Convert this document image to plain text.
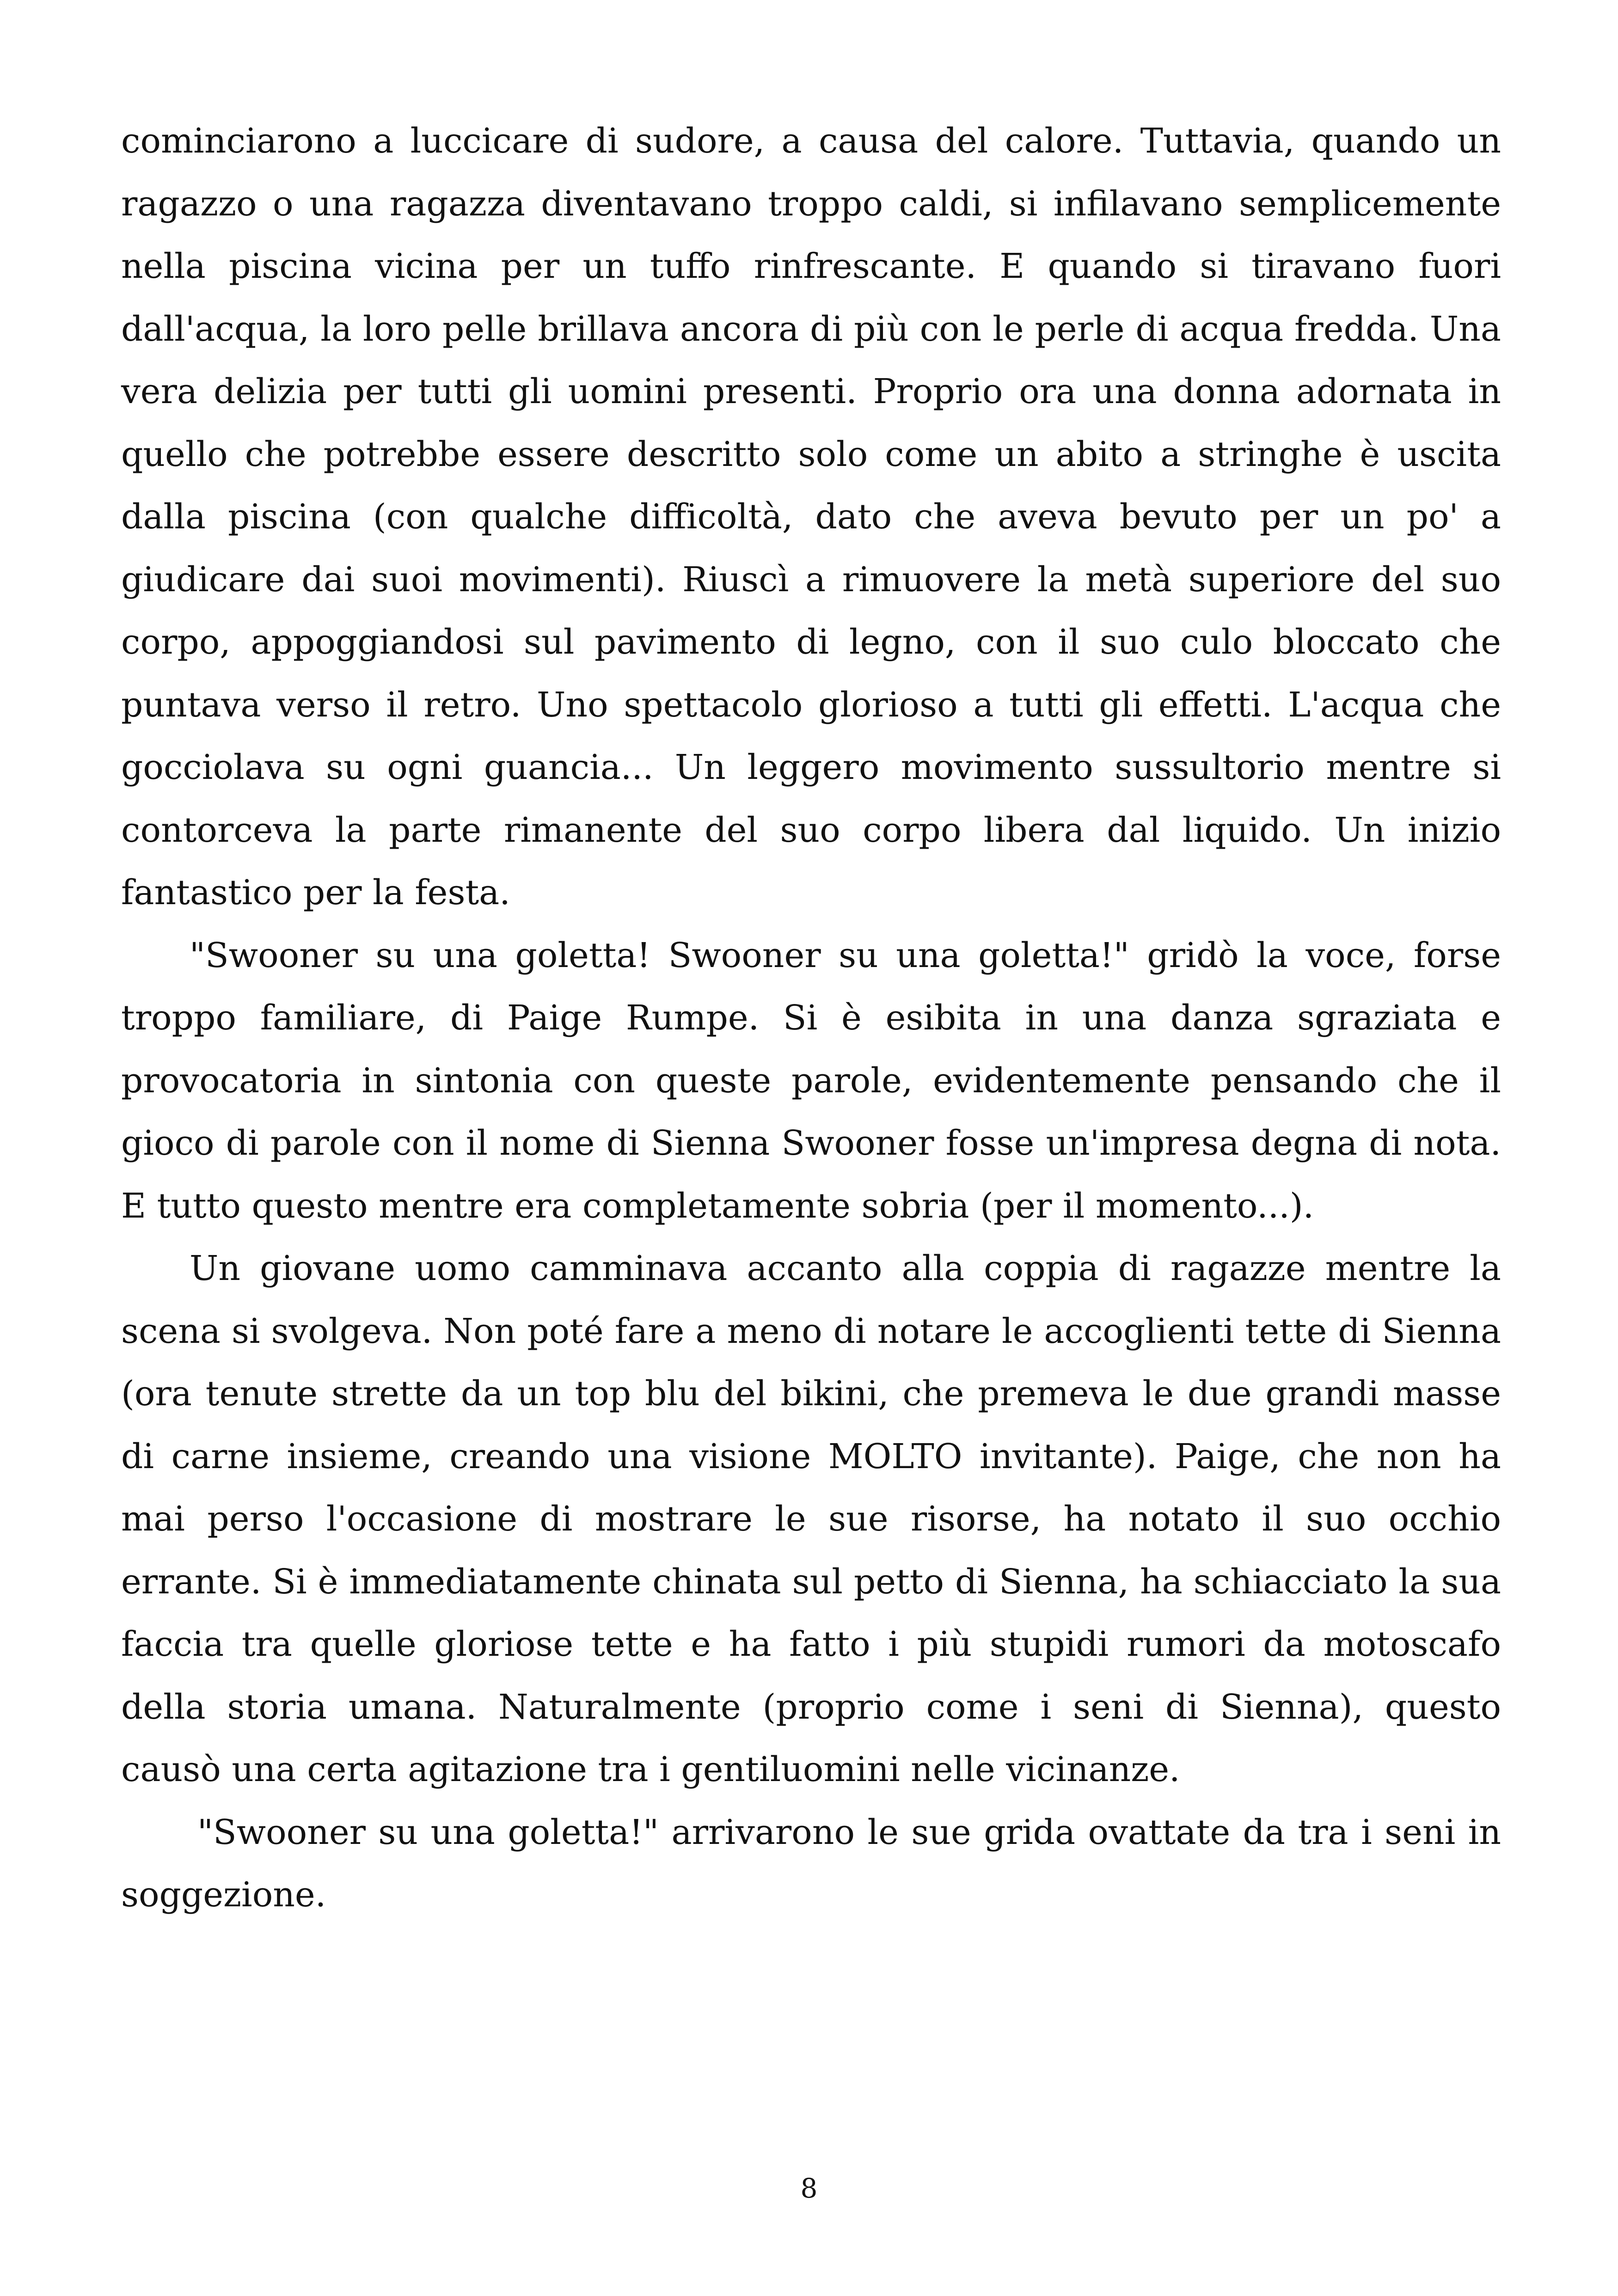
cominciarono a luccicare di sudore, a causa del calore. Tuttavia, quando un ragazzo o una ragazza diventavano troppo caldi, si infilavano semplicemente nella piscina vicina per un tuffo rinfrescante. E quando si tiravano fuori dall'acqua, la loro pelle brillava ancora di più con le perle di acqua fredda. Una vera delizia per tutti gli uomini presenti. Proprio ora una donna adornata in quello che potrebbe essere descritto solo come un abito a stringhe è uscita dalla piscina (con qualche difficoltà, dato che aveva bevuto per un po' a giudicare dai suoi movimenti). Riuscì a rimuovere la metà superiore del suo corpo, appoggiandosi sul pavimento di legno, con il suo culo bloccato che puntava verso il retro. Uno spettacolo glorioso a tutti gli effetti. L'acqua che gocciolava su ogni guancia... Un leggero movimento sussultorio mentre si contorceva la parte rimanente del suo corpo libera dal liquido. Un inizio fantastico per la festa.

"Swooner su una goletta! Swooner su una goletta!" gridò la voce, forse troppo familiare, di Paige Rumpe. Si è esibita in una danza sgraziata e provocatoria in sintonia con queste parole, evidentemente pensando che il gioco di parole con il nome di Sienna Swooner fosse un'impresa degna di nota. E tutto questo mentre era completamente sobria (per il momento...).

Un giovane uomo camminava accanto alla coppia di ragazze mentre la scena si svolgeva. Non poté fare a meno di notare le accoglienti tette di Sienna (ora tenute strette da un top blu del bikini, che premeva le due grandi masse di carne insieme, creando una visione MOLTO invitante). Paige, che non ha mai perso l'occasione di mostrare le sue risorse, ha notato il suo occhio errante. Si è immediatamente chinata sul petto di Sienna, ha schiacciato la sua faccia tra quelle gloriose tette e ha fatto i più stupidi rumori da motoscafo della storia umana. Naturalmente (proprio come i seni di Sienna), questo causò una certa agitazione tra i gentiluomini nelle vicinanze.

"Swooner su una goletta!" arrivarono le sue grida ovattate da tra i seni in soggezione.

8
